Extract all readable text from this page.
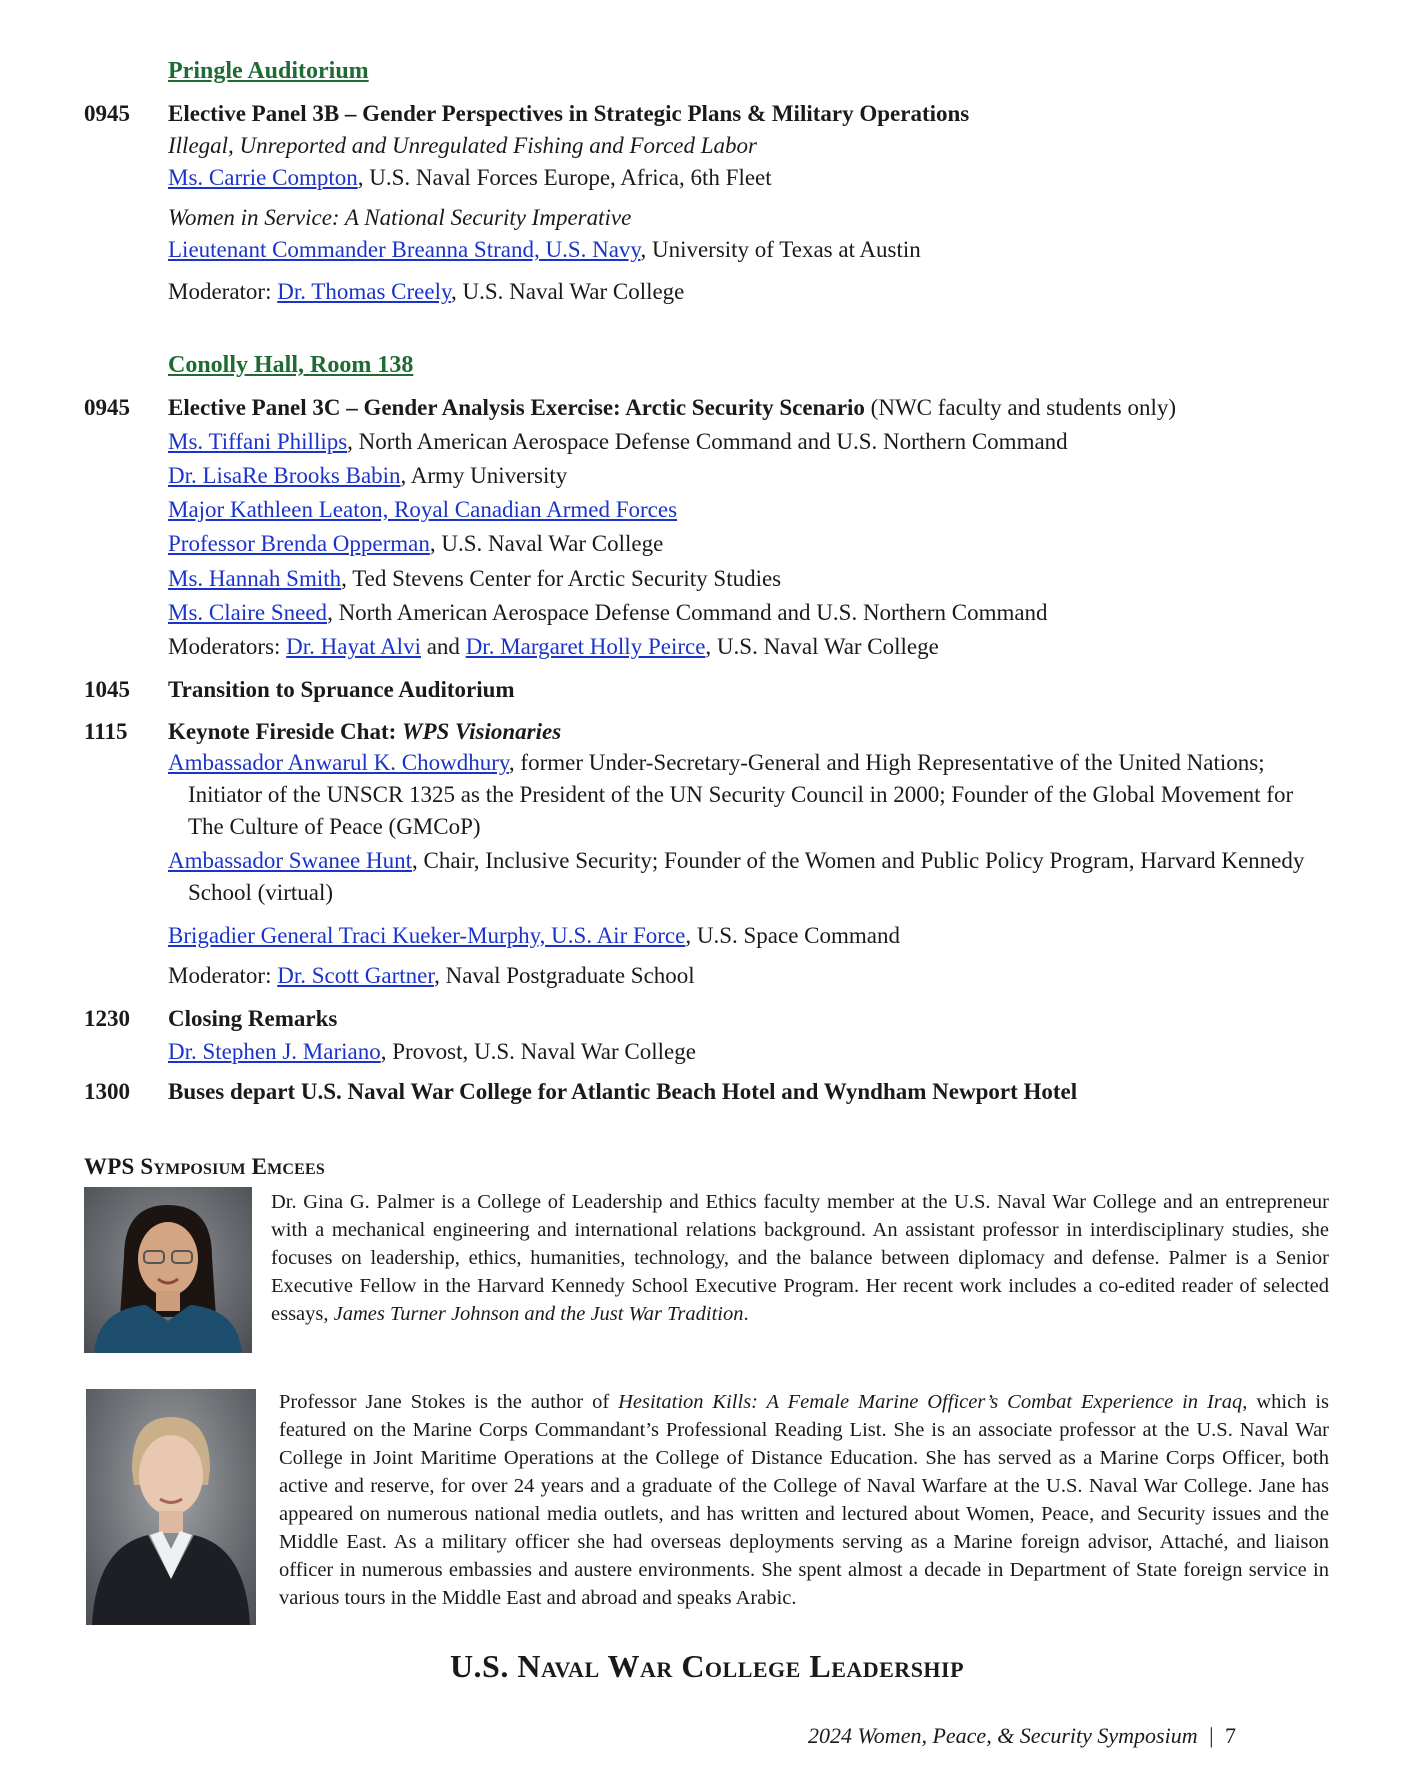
Pringle Auditorium
0945 Elective Panel 3B – Gender Perspectives in Strategic Plans & Military Operations
Illegal, Unreported and Unregulated Fishing and Forced Labor
Ms. Carrie Compton, U.S. Naval Forces Europe, Africa, 6th Fleet
Women in Service: A National Security Imperative
Lieutenant Commander Breanna Strand, U.S. Navy, University of Texas at Austin
Moderator: Dr. Thomas Creely, U.S. Naval War College
Conolly Hall, Room 138
0945 Elective Panel 3C – Gender Analysis Exercise: Arctic Security Scenario (NWC faculty and students only)
Ms. Tiffani Phillips, North American Aerospace Defense Command and U.S. Northern Command
Dr. LisaRe Brooks Babin, Army University
Major Kathleen Leaton, Royal Canadian Armed Forces
Professor Brenda Opperman, U.S. Naval War College
Ms. Hannah Smith, Ted Stevens Center for Arctic Security Studies
Ms. Claire Sneed, North American Aerospace Defense Command and U.S. Northern Command
Moderators: Dr. Hayat Alvi and Dr. Margaret Holly Peirce, U.S. Naval War College
1045 Transition to Spruance Auditorium
1115 Keynote Fireside Chat: WPS Visionaries
Ambassador Anwarul K. Chowdhury, former Under-Secretary-General and High Representative of the United Nations; Initiator of the UNSCR 1325 as the President of the UN Security Council in 2000; Founder of the Global Movement for The Culture of Peace (GMCoP)
Ambassador Swanee Hunt, Chair, Inclusive Security; Founder of the Women and Public Policy Program, Harvard Kennedy School (virtual)
Brigadier General Traci Kueker-Murphy, U.S. Air Force, U.S. Space Command
Moderator: Dr. Scott Gartner, Naval Postgraduate School
1230 Closing Remarks
Dr. Stephen J. Mariano, Provost, U.S. Naval War College
1300 Buses depart U.S. Naval War College for Atlantic Beach Hotel and Wyndham Newport Hotel
WPS Symposium Emcees
Dr. Gina G. Palmer is a College of Leadership and Ethics faculty member at the U.S. Naval War College and an entrepreneur with a mechanical engineering and international relations background. An assistant professor in interdisciplinary studies, she focuses on leadership, ethics, humanities, technology, and the balance between diplomacy and defense. Palmer is a Senior Executive Fellow in the Harvard Kennedy School Executive Program. Her recent work includes a co-edited reader of selected essays, James Turner Johnson and the Just War Tradition.
Professor Jane Stokes is the author of Hesitation Kills: A Female Marine Officer’s Combat Experience in Iraq, which is featured on the Marine Corps Commandant’s Professional Reading List. She is an associate professor at the U.S. Naval War College in Joint Maritime Operations at the College of Distance Education. She has served as a Marine Corps Officer, both active and reserve, for over 24 years and a graduate of the College of Naval Warfare at the U.S. Naval War College. Jane has appeared on numerous national media outlets, and has written and lectured about Women, Peace, and Security issues and the Middle East. As a military officer she had overseas deployments serving as a Marine foreign advisor, Attaché, and liaison officer in numerous embassies and austere environments. She spent almost a decade in Department of State foreign service in various tours in the Middle East and abroad and speaks Arabic.
U.S. Naval War College Leadership
2024 Women, Peace, & Security Symposium | 7
